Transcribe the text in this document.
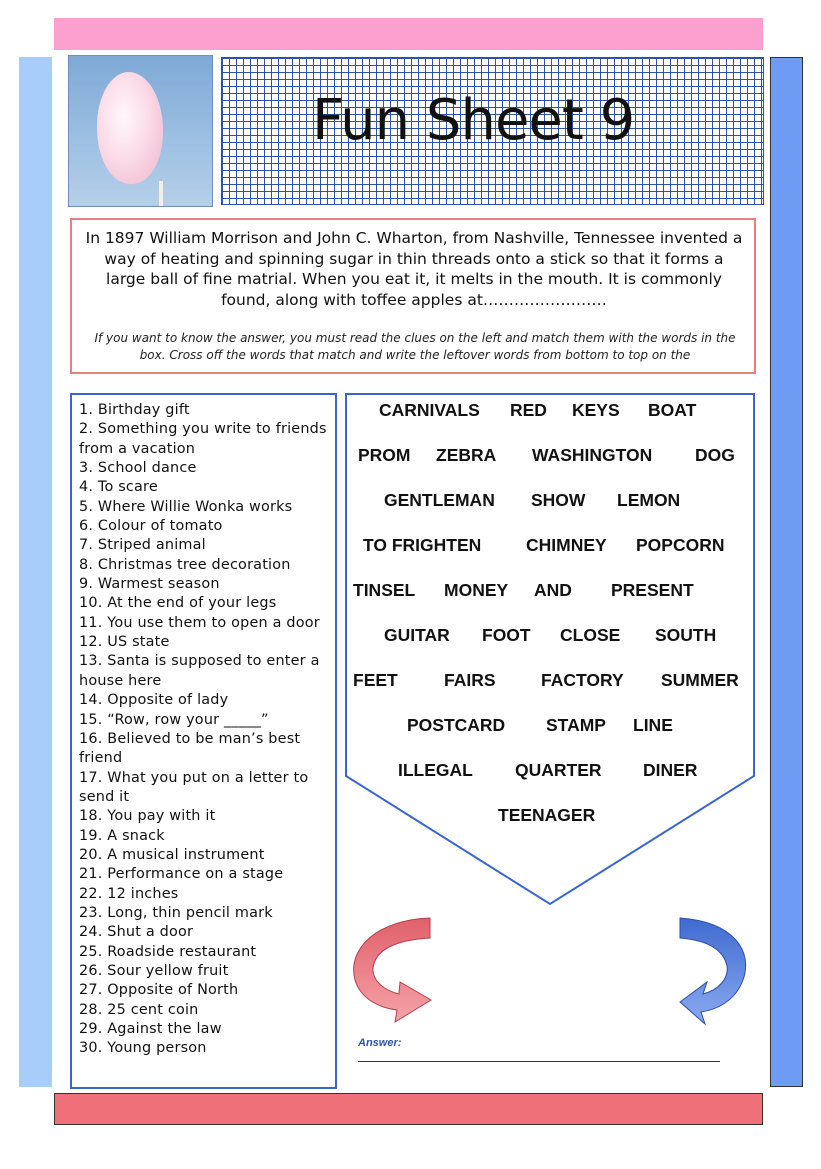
Fun Sheet 9
In 1897 William Morrison and John C. Wharton, from Nashville, Tennessee invented a way of heating and spinning sugar in thin threads onto a stick so that it forms a large ball of fine matrial. When you eat it, it melts in the mouth. It is commonly found, along with toffee apples at……………………
If you want to know the answer, you must read the clues on the left and match them with the words in the box. Cross off the words that match and write the leftover words from bottom to top on the
1. Birthday gift
2. Something you write to friends from a vacation
3. School dance
4. To scare
5. Where Willie Wonka works
6. Colour of tomato
7. Striped animal
8. Christmas tree decoration
9. Warmest season
10. At the end of your legs
11. You use them to open a door
12. US state
13. Santa is supposed to enter a house here
14. Opposite of lady
15. “Row, row your _____”
16. Believed to be man’s best friend
17. What you put on a letter to send it
18. You pay with it
19. A snack
20. A musical instrument
21. Performance on a stage
22. 12 inches
23. Long, thin pencil mark
24. Shut a door
25. Roadside restaurant
26. Sour yellow fruit
27. Opposite of North
28. 25 cent coin
29. Against the law
30. Young person
CARNIVALS RED KEYS BOAT
PROM ZEBRA WASHINGTON DOG
GENTLEMAN SHOW LEMON
TO FRIGHTEN	CHIMNEY POPCORN
TINSEL MONEY AND PRESENT
GUITAR FOOT CLOSE SOUTH
FEET	FAIRS	FACTORY SUMMER
POSTCARD STAMP LINE
ILLEGAL QUARTER DINER
TEENAGER
Answer:
